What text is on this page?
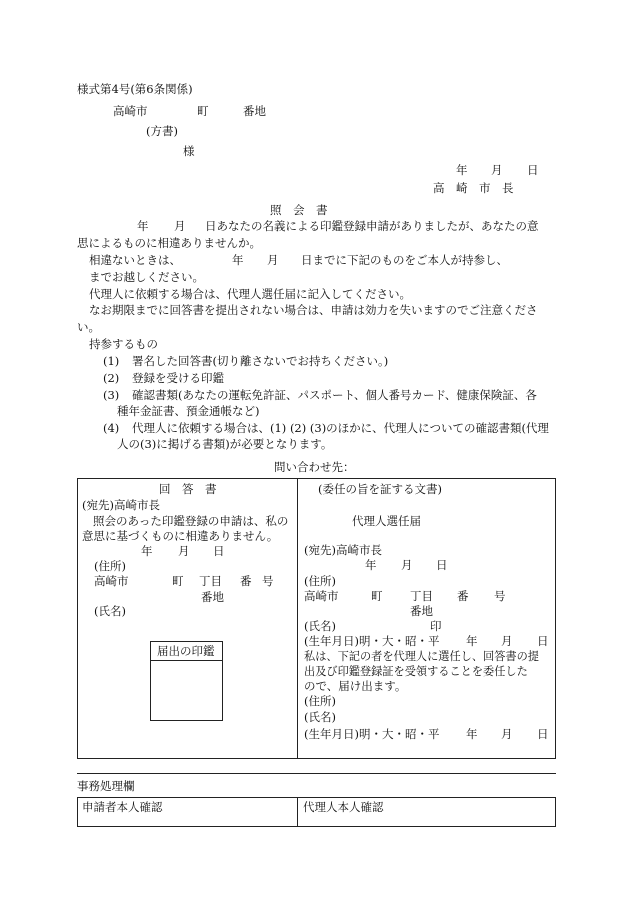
様式第4号(第6条関係)
高崎市	町	番地
(方書)
様
年 月 日
高　崎　市　長
照　会　書
年 月 日あなたの名義による印鑑登録申請がありましたが、あなたの意
思によるものに相違ありませんか。
相違ないときは、	年 月 日までに下記のものをご本人が持参し、
までお越しください。
代理人に依頼する場合は、代理人選任届に記入してください。
なお期限までに回答書を提出されない場合は、申請は効力を失いますのでご注意くださ
い。
持参するもの
(1) 署名した回答書(切り離さないでお持ちください。)
(2) 登録を受ける印鑑
(3) 確認書類(あなたの運転免許証、パスポート、個人番号カード、健康保険証、各
種年金証書、預金通帳など)
(4) 代理人に依頼する場合は、(1) (2) (3)のほかに、代理人についての確認書類(代理
人の(3)に掲げる書類)が必要となります。
問い合わせ先：
回　答　書
(宛先)高崎市長
照会のあった印鑑登録の申請は、私の
意思に基づくものに相違ありません。
年 月 日
(住所)
高崎市	町 丁目 番 号
番地
(氏名)
届出の印鑑
(委任の旨を証する文書)
代理人選任届
(宛先)高崎市長
年 月 日
(住所)
高崎市	町 丁目 番 号
番地
(氏名)	印
(生年月日)明・大・昭・平 年 月 日
私は、下記の者を代理人に選任し、回答書の提
出及び印鑑登録証を受領することを委任した
ので、届け出ます。
(住所)
(氏名)
(生年月日)明・大・昭・平 年 月 日
事務処理欄
申請者本人確認	代理人本人確認
